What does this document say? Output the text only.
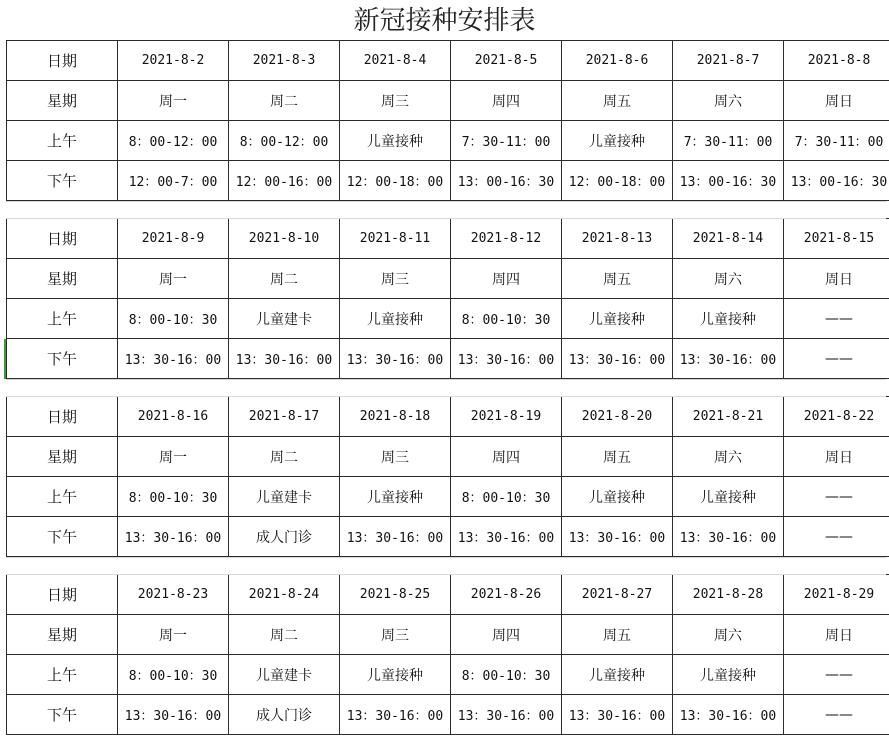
新冠接种安排表
日期	2021-8-2	2021-8-3	2021-8-4	2021-8-5	2021-8-6	2021-8-7	2021-8-8
星期	周一	周二	周三	周四	周五	周六	周日
上午	8：00-12：00	8：00-12：00	儿童接种	7：30-11：00	儿童接种	7：30-11：00	7：30-11：00
下午	12：00-7：00	12：00-16：00	12：00-18：00	13：00-16：30	12：00-18：00	13：00-16：30	13：00-16：30
日期	2021-8-9	2021-8-10	2021-8-11	2021-8-12	2021-8-13	2021-8-14	2021-8-15
星期	周一	周二	周三	周四	周五	周六	周日
上午	8：00-10：30	儿童建卡	儿童接种	8：00-10：30	儿童接种	儿童接种	——
下午	13：30-16：00	13：30-16：00	13：30-16：00	13：30-16：00	13：30-16：00	13：30-16：00	——
日期	2021-8-16	2021-8-17	2021-8-18	2021-8-19	2021-8-20	2021-8-21	2021-8-22
星期	周一	周二	周三	周四	周五	周六	周日
上午	8：00-10：30	儿童建卡	儿童接种	8：00-10：30	儿童接种	儿童接种	——
下午	13：30-16：00	成人门诊	13：30-16：00	13：30-16：00	13：30-16：00	13：30-16：00	——
日期	2021-8-23	2021-8-24	2021-8-25	2021-8-26	2021-8-27	2021-8-28	2021-8-29
星期	周一	周二	周三	周四	周五	周六	周日
上午	8：00-10：30	儿童建卡	儿童接种	8：00-10：30	儿童接种	儿童接种	——
下午	13：30-16：00	成人门诊	13：30-16：00	13：30-16：00	13：30-16：00	13：30-16：00	——
